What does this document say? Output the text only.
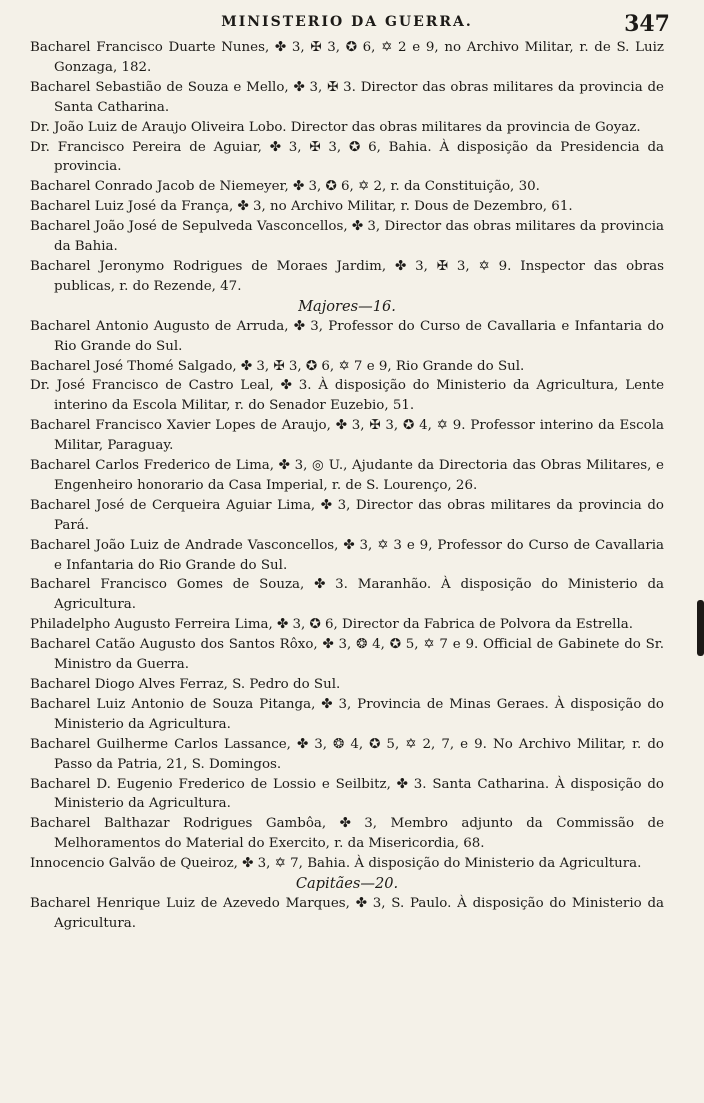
MINISTERIO DA GUERRA.	347

Bacharel Francisco Duarte Nunes, ✤ 3, ✠ 3, ✪ 6, ✡ 2 e 9, no Archivo Militar, r. de S. Luiz Gonzaga, 182.

Bacharel Sebastião de Souza e Mello, ✤ 3, ✠ 3. Director das obras militares da provincia de Santa Catharina.

Dr. João Luiz de Araujo Oliveira Lobo. Director das obras militares da provincia de Goyaz.

Dr. Francisco Pereira de Aguiar, ✤ 3, ✠ 3, ✪ 6, Bahia. À disposição da Presidencia da provincia.

Bacharel Conrado Jacob de Niemeyer, ✤ 3, ✪ 6, ✡ 2, r. da Constituição, 30.

Bacharel Luiz José da França, ✤ 3, no Archivo Militar, r. Dous de Dezembro, 61.

Bacharel João José de Sepulveda Vasconcellos, ✤ 3, Director das obras militares da provincia da Bahia.

Bacharel Jeronymo Rodrigues de Moraes Jardim, ✤ 3, ✠ 3, ✡ 9. Inspector das obras publicas, r. do Rezende, 47.

Majores—16.

Bacharel Antonio Augusto de Arruda, ✤ 3, Professor do Curso de Cavallaria e Infantaria do Rio Grande do Sul.

Bacharel José Thomé Salgado, ✤ 3, ✠ 3, ✪ 6, ✡ 7 e 9, Rio Grande do Sul.

Dr. José Francisco de Castro Leal, ✤ 3. À disposição do Ministerio da Agricultura, Lente interino da Escola Militar, r. do Senador Euzebio, 51.

Bacharel Francisco Xavier Lopes de Araujo, ✤ 3, ✠ 3, ✪ 4, ✡ 9. Professor interino da Escola Militar, Paraguay.

Bacharel Carlos Frederico de Lima, ✤ 3, ◎ U., Ajudante da Directoria das Obras Militares, e Engenheiro honorario da Casa Imperial, r. de S. Lourenço, 26.

Bacharel José de Cerqueira Aguiar Lima, ✤ 3, Director das obras militares da provincia do Pará.

Bacharel João Luiz de Andrade Vasconcellos, ✤ 3, ✡ 3 e 9, Professor do Curso de Cavallaria e Infantaria do Rio Grande do Sul.

Bacharel Francisco Gomes de Souza, ✤ 3. Maranhão. À disposição do Ministerio da Agricultura.

Philadelpho Augusto Ferreira Lima, ✤ 3, ✪ 6, Director da Fabrica de Polvora da Estrella.

Bacharel Catão Augusto dos Santos Rôxo, ✤ 3, ❂ 4, ✪ 5, ✡ 7 e 9. Official de Gabinete do Sr. Ministro da Guerra.

Bacharel Diogo Alves Ferraz, S. Pedro do Sul.

Bacharel Luiz Antonio de Souza Pitanga, ✤ 3, Provincia de Minas Geraes. À disposição do Ministerio da Agricultura.

Bacharel Guilherme Carlos Lassance, ✤ 3, ❂ 4, ✪ 5, ✡ 2, 7, e 9. No Archivo Militar, r. do Passo da Patria, 21, S. Domingos.

Bacharel D. Eugenio Frederico de Lossio e Seilbitz, ✤ 3. Santa Catharina. À disposição do Ministerio da Agricultura.

Bacharel Balthazar Rodrigues Gambôa, ✤ 3, Membro adjunto da Commissão de Melhoramentos do Material do Exercito, r. da Misericordia, 68.

Innocencio Galvão de Queiroz, ✤ 3, ✡ 7, Bahia. À disposição do Ministerio da Agricultura.

Capitães—20.

Bacharel Henrique Luiz de Azevedo Marques, ✤ 3, S. Paulo. À disposição do Ministerio da Agricultura.
